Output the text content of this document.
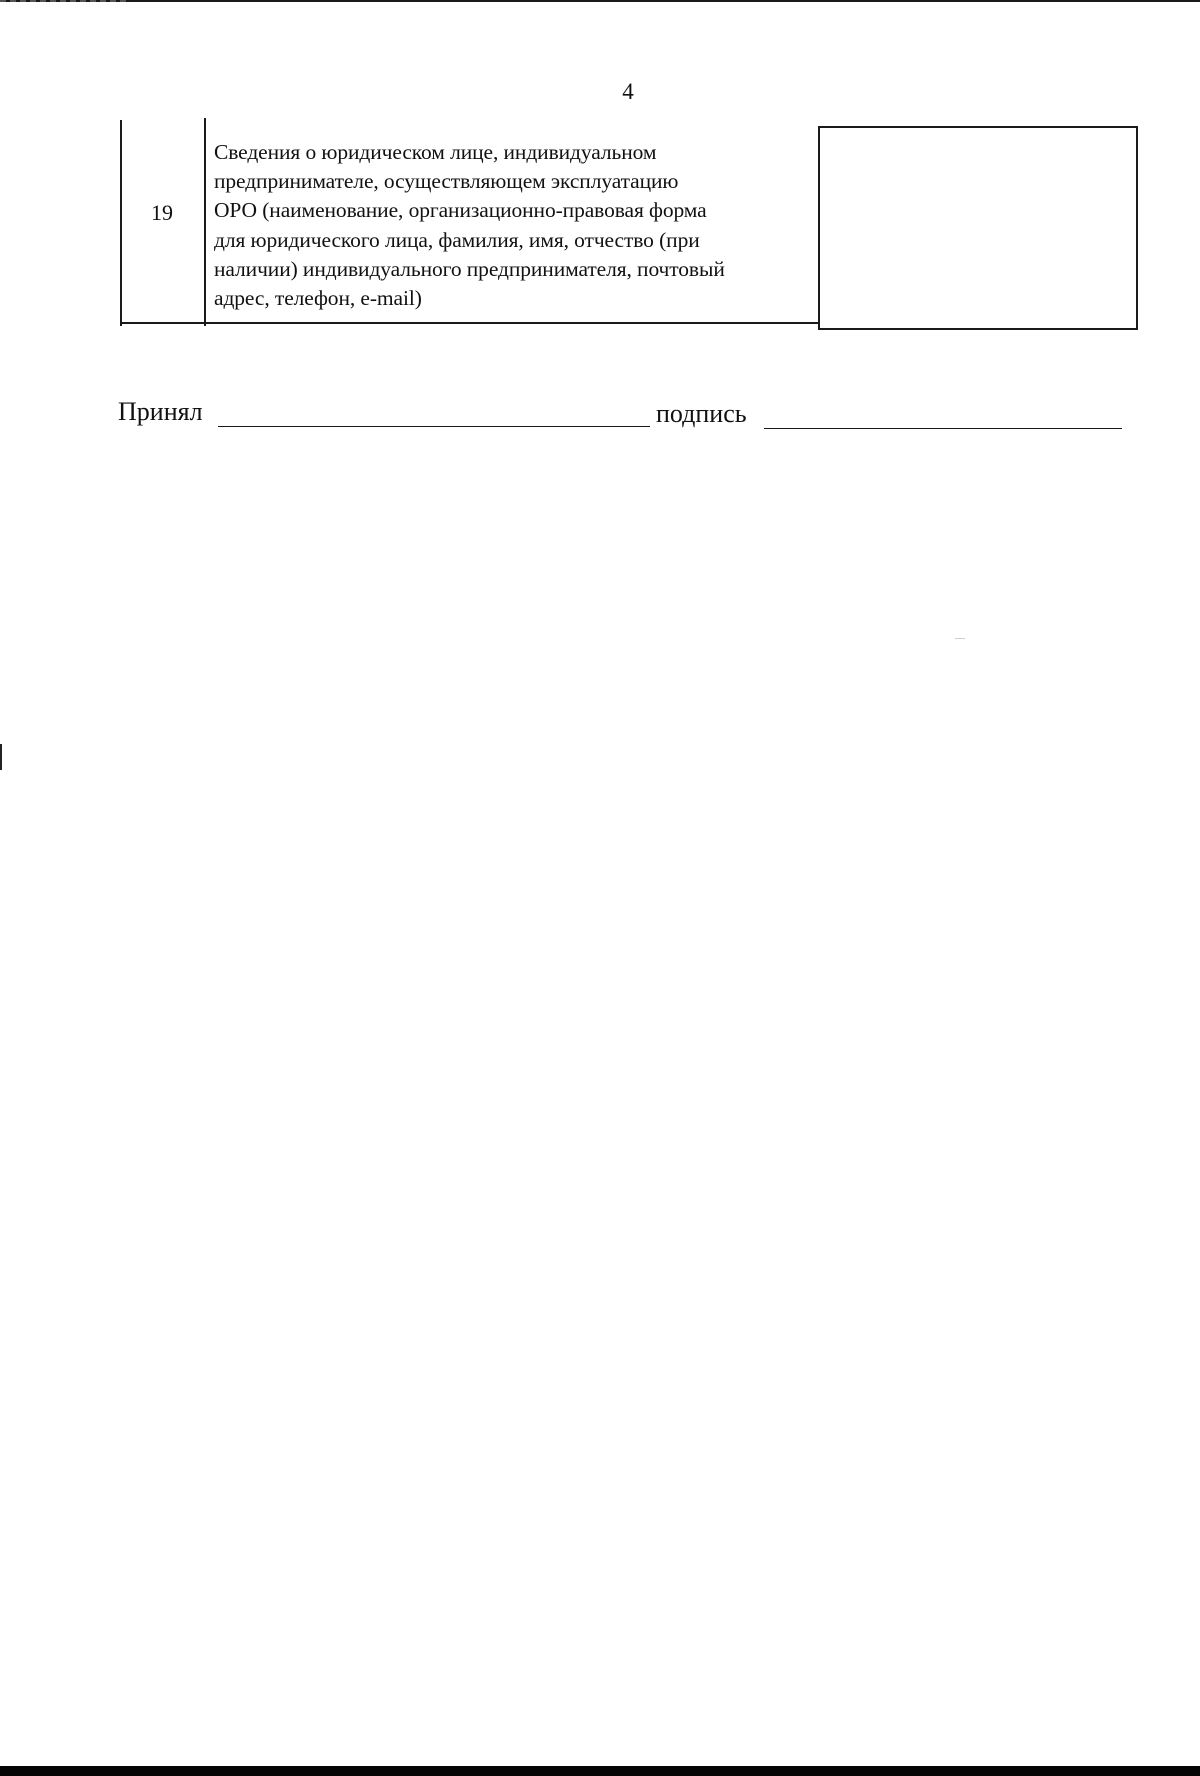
4
19
Сведения о юридическом лице, индивидуальном
предпринимателе, осуществляющем эксплуатацию
ОРО (наименование, организационно-правовая форма
для юридического лица, фамилия, имя, отчество (при
наличии) индивидуального предпринимателя, почтовый
адрес, телефон, e-mail)
Принял	подпись
